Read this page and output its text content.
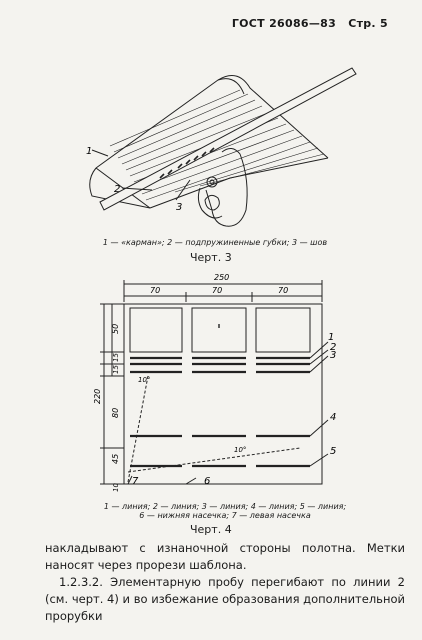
ГОСТ 26086—83 Стр. 5
1
2
3
1 — «карман»; 2 — подпружиненные губки; 3 — шов
Черт. 3
250
70	70	70
50
15
15
220
80
45
10
10°
10°
1
2
3
4
5
6
7
1 — линия; 2 — линия; 3 — линия; 4 — линия; 5 — линия;
6 — нижняя насечка; 7 — левая насечка
Черт. 4

накладывают с изнаночной стороны полотна. Метки наносят через прорези шаблона.

1.2.3.2. Элементарную пробу перегибают по линии 2 (см. черт. 4) и во избежание образования дополнительной прорубки
